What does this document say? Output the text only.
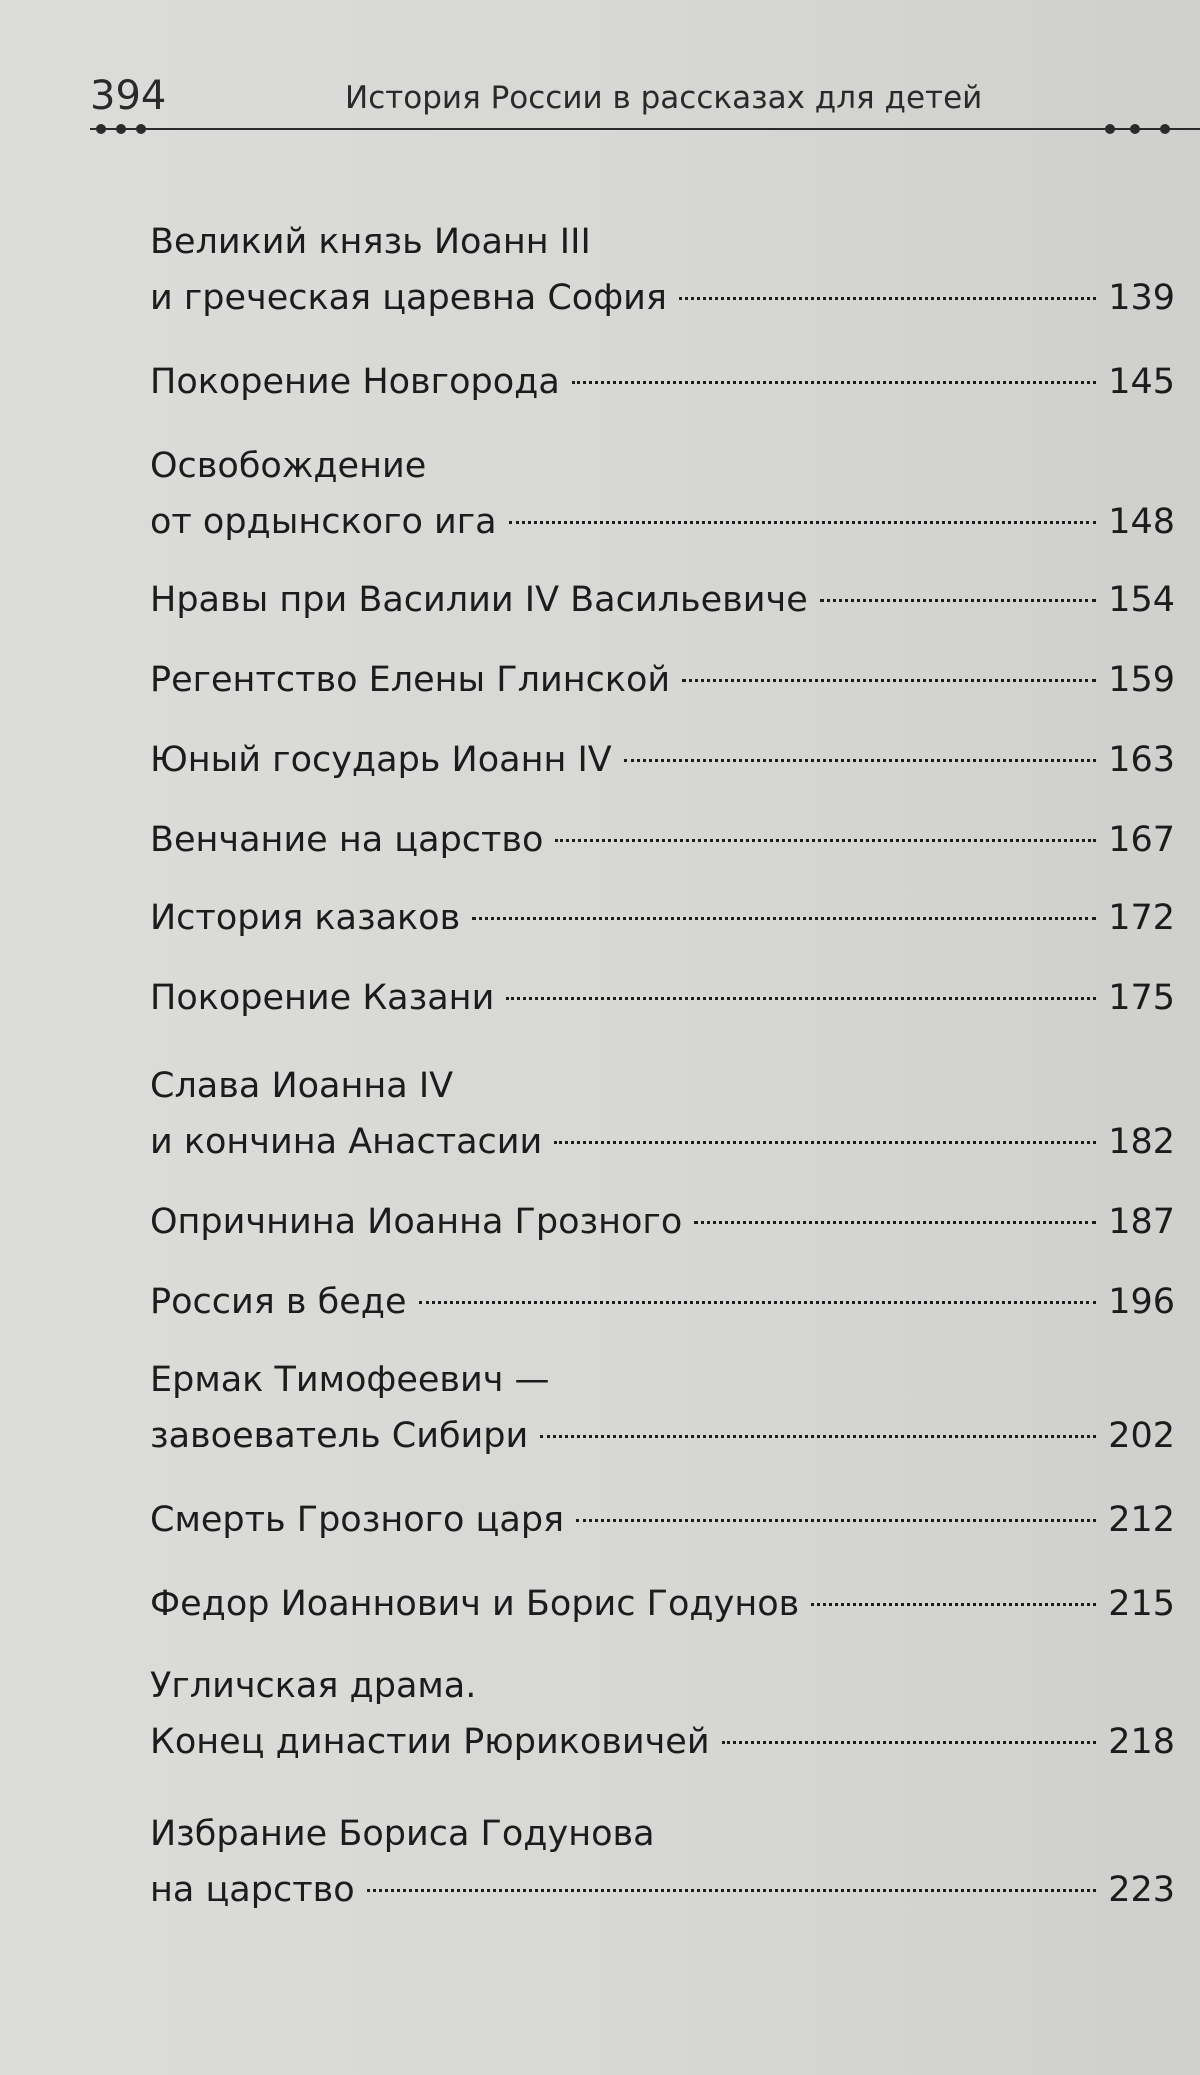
394	История России в рассказах для детей
Великий князь Иоанн III
и греческая царевна София	139
Покорение Новгорода	145
Освобождение
от ордынского ига	148
Нравы при Василии IV Васильевиче	154
Регентство Елены Глинской	159
Юный государь Иоанн IV	163
Венчание на царство	167
История казаков	172
Покорение Казани	175
Слава Иоанна IV
и кончина Анастасии	182
Опричнина Иоанна Грозного	187
Россия в беде	196
Ермак Тимофеевич —
завоеватель Сибири	202
Смерть Грозного царя	212
Федор Иоаннович и Борис Годунов	215
Угличская драма.
Конец династии Рюриковичей	218
Избрание Бориса Годунова
на царство	223
